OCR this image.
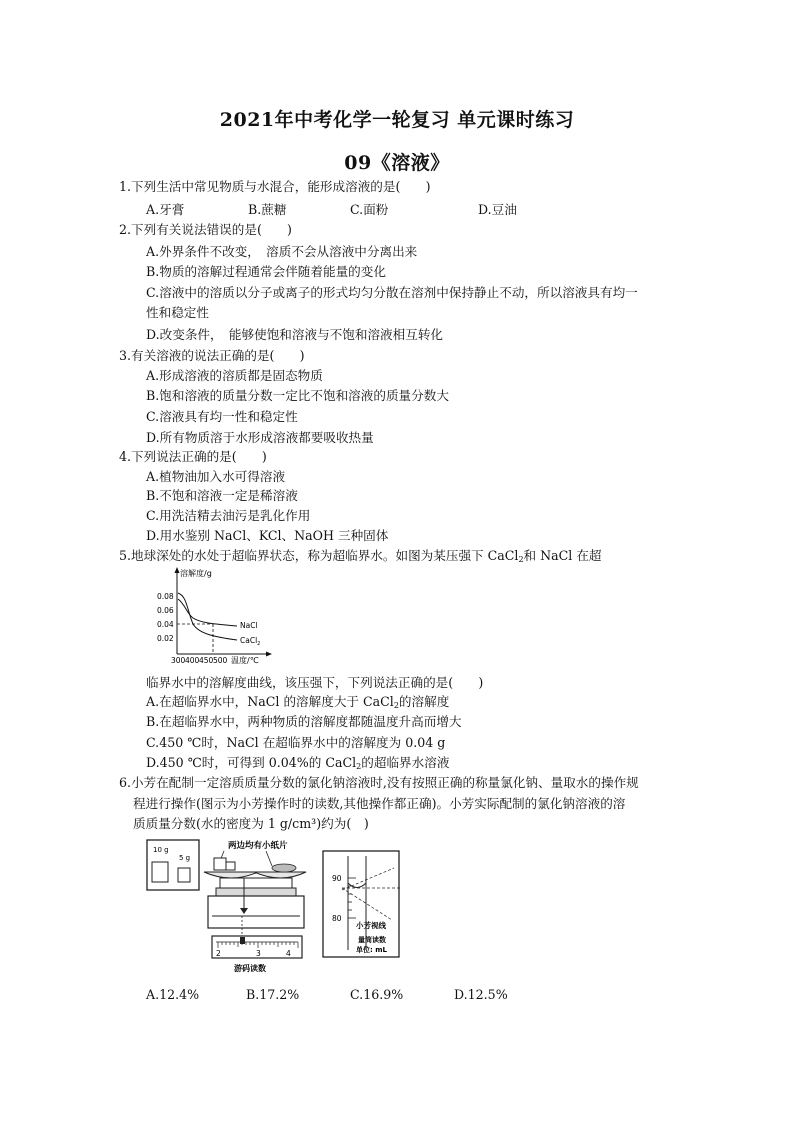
2021年中考化学一轮复习 单元课时练习
09《溶液》
1.下列生活中常见物质与水混合，能形成溶液的是(　　)
A.牙膏	B.蔗糖	C.面粉	D.豆油
2.下列有关说法错误的是(　　)
A.外界条件不改变，　溶质不会从溶液中分离出来
B.物质的溶解过程通常会伴随着能量的变化
C.溶液中的溶质以分子或离子的形式均匀分散在溶剂中保持静止不动，所以溶液具有均一
性和稳定性
D.改变条件，　能够使饱和溶液与不饱和溶液相互转化
3.有关溶液的说法正确的是(　　)
A.形成溶液的溶质都是固态物质
B.饱和溶液的质量分数一定比不饱和溶液的质量分数大
C.溶液具有均一性和稳定性
D.所有物质溶于水形成溶液都要吸收热量
4.下列说法正确的是(　　)
A.植物油加入水可得溶液
B.不饱和溶液一定是稀溶液
C.用洗洁精去油污是乳化作用
D.用水鉴别 NaCl、KCl、NaOH 三种固体
5.地球深处的水处于超临界状态，称为超临界水。如图为某压强下 CaCl$_2$和 NaCl 在超
溶解度/g
0.08
0.06
0.04
0.02
NaCl
CaCl$_2$
300 400 450 500 温度/℃
临界水中的溶解度曲线，该压强下，下列说法正确的是(　　)
A.在超临界水中，NaCl 的溶解度大于 CaCl$_2$的溶解度
B.在超临界水中，两种物质的溶解度都随温度升高而增大
C.450 ℃时，NaCl 在超临界水中的溶解度为 0.04 g
D.450 ℃时，可得到 0.04%的 CaCl$_2$的超临界水溶液
6.小芳在配制一定溶质质量分数的氯化钠溶液时,没有按照正确的称量氯化钠、量取水的操作规
程进行操作(图示为小芳操作时的读数,其他操作都正确)。小芳实际配制的氯化钠溶液的溶
质质量分数(水的密度为 1 g/cm³)约为(　)
10 g
5 g
两边均有小纸片
2	3	4
游码读数
90
80
小芳视线
量筒读数
单位: mL
A.12.4%	B.17.2%	C.16.9%	D.12.5%
